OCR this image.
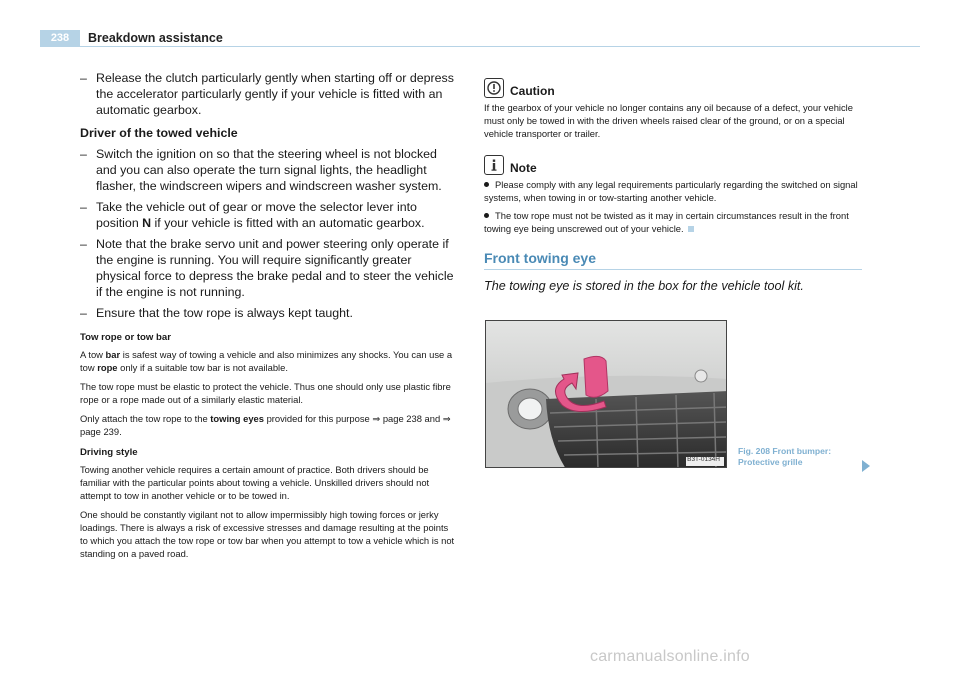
238	Breakdown assistance
– Release the clutch particularly gently when starting off or depress the accelerator particularly gently if your vehicle is fitted with an automatic gearbox.
Driver of the towed vehicle
– Switch the ignition on so that the steering wheel is not blocked and you can also operate the turn signal lights, the headlight flasher, the windscreen wipers and windscreen washer system.
– Take the vehicle out of gear or move the selector lever into position N if your vehicle is fitted with an automatic gearbox.
– Note that the brake servo unit and power steering only operate if the engine is running. You will require significantly greater physical force to depress the brake pedal and to steer the vehicle if the engine is not running.
– Ensure that the tow rope is always kept taught.
Tow rope or tow bar

A tow bar is safest way of towing a vehicle and also minimizes any shocks. You can use a tow rope only if a suitable tow bar is not available.

The tow rope must be elastic to protect the vehicle. Thus one should only use plastic fibre rope or a rope made out of a similarly elastic material.

Only attach the tow rope to the towing eyes provided for this purpose ⇒ page 238 and ⇒ page 239.

Driving style

Towing another vehicle requires a certain amount of practice. Both drivers should be familiar with the particular points about towing a vehicle. Unskilled drivers should not attempt to tow in another vehicle or to be towed in.

One should be constantly vigilant not to allow impermissibly high towing forces or jerky loadings. There is always a risk of excessive stresses and damage resulting at the points to which you attach the tow rope or tow bar when you attempt to tow a vehicle which is not standing on a paved road.

Caution

If the gearbox of your vehicle no longer contains any oil because of a defect, your vehicle must only be towed in with the driven wheels raised clear of the ground, or on a special vehicle transporter or trailer.

Note

Please comply with any legal requirements particularly regarding the switched on signal systems, when towing in or tow-starting another vehicle.

The tow rope must not be twisted as it may in certain circumstances result in the front towing eye being unscrewed out of your vehicle.

Front towing eye

The towing eye is stored in the box for the vehicle tool kit.

B3T-0134H
Fig. 208 Front bumper:
Protective grille
carmanualsonline.info
